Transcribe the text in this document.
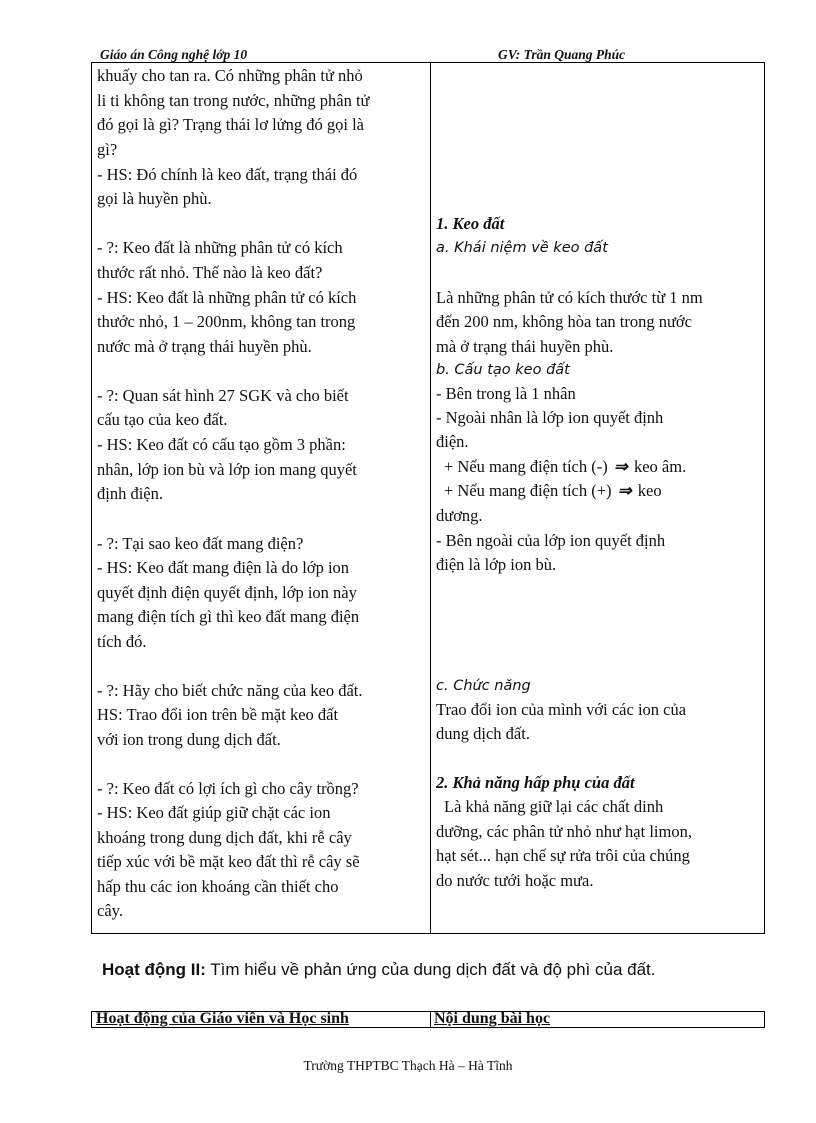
Giáo án Công nghệ lớp 10	GV: Trần Quang Phúc
khuấy cho tan ra. Có những phân tử nhỏ
li ti không tan trong nước, những phân tử
đó gọi là gì? Trạng thái lơ lửng đó gọi là
gì?
- HS: Đó chính là keo đất, trạng thái đó
gọi là huyền phù.
- ?: Keo đất là những phân tử có kích
thước rất nhỏ. Thế nào là keo đất?
- HS: Keo đất là những phân tử có kích
thước nhỏ, 1 – 200nm, không tan trong
nước mà ở trạng thái huyền phù.
- ?: Quan sát hình 27 SGK và cho biết
cấu tạo của keo đất.
- HS: Keo đất có cấu tạo gồm 3 phần:
nhân, lớp ion bù và lớp ion mang quyết
định điện.
- ?: Tại sao keo đất mang điện?
- HS: Keo đất mang điện là do lớp ion
quyết định điện quyết định, lớp ion này
mang điện tích gì thì keo đất mang điện
tích đó.
- ?: Hãy cho biết chức năng của keo đất.
HS: Trao đổi ion trên bề mặt keo đất
với ion trong dung dịch đất.
- ?: Keo đất có lợi ích gì cho cây trồng?
- HS: Keo đất giúp giữ chặt các ion
khoáng trong dung dịch đất, khi rễ cây
tiếp xúc với bề mặt keo đất thì rễ cây sẽ
hấp thu các ion khoáng cần thiết cho
cây.
1. Keo đất
a. Khái niệm về keo đất
Là những phân tử có kích thước từ 1 nm
đến 200 nm, không hòa tan trong nước
mà ở trạng thái huyền phù.
b. Cấu tạo keo đất
- Bên trong là 1 nhân
- Ngoài nhân là lớp ion quyết định
điện.
+ Nếu mang điện tích (-) ⇒ keo âm.
+ Nếu mang điện tích (+) ⇒ keo
dương.
- Bên ngoài của lớp ion quyết định
điện là lớp ion bù.
c. Chức năng
Trao đổi ion của mình với các ion của
dung dịch đất.
2. Khả năng hấp phụ của đất
Là khả năng giữ lại các chất dinh
dưỡng, các phân tử nhỏ như hạt limon,
hạt sét... hạn chế sự rửa trôi của chúng
do nước tưới hoặc mưa.
Hoạt động II: Tìm hiểu về phản ứng của dung dịch đất và độ phì của đất.
Hoạt động của Giáo viên và Học sinh	Nội dung bài học
Trường THPTBC Thạch Hà – Hà Tĩnh
